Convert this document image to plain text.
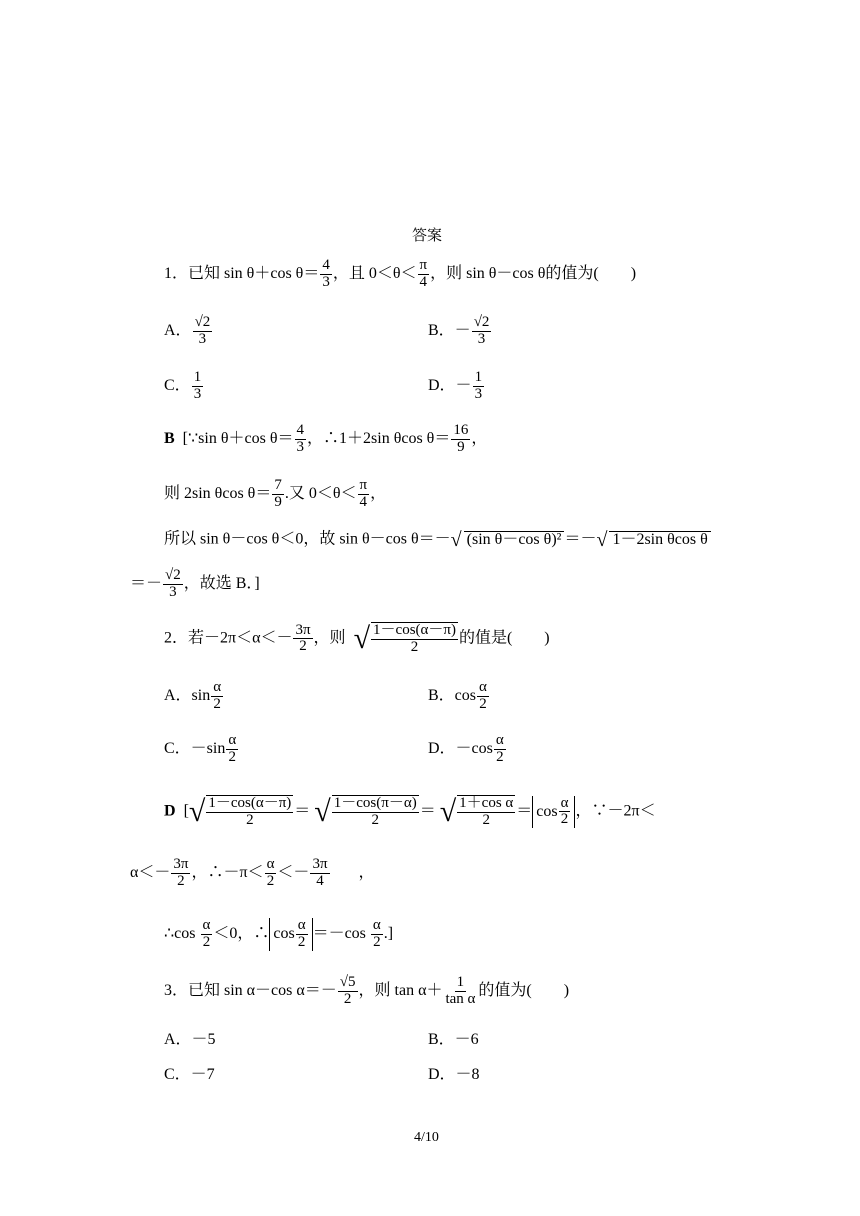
答案
1．已知 sin θ＋cos $\theta= \frac{4}{3}$ ，且 $0<\theta< \frac{\pi}{4}$ ，则 sin θ－cos θ的值为(　　)
A． $\frac{√2}{3}$	B．－ $\frac{√2}{3}$
C． $\frac{1}{3}$	D．－ $\frac{1}{3}$
B [∵sin θ＋cos $\theta= \frac{4}{3}$ ，∴1＋2sin θcos $\theta= \frac{16}{9}$ ，
则 2sin θcos $\theta= \frac{7}{9}$ .又 $0<\theta< \frac{\pi}{4}$ ，
所以 sin θ－cos θ＜0，故 sin θ－cos θ＝－√ (sin θ－cos θ)² ＝－√ 1－2sin θcos θ
＝－ $\frac{√2}{3}$ ，故选 B．]
2．若$-2\pi<\alpha<- \frac{3\pi}{2}$ ，则 √ $\frac{1-\cos(\alpha-\pi)}{2}$ 的值是(　　)
A．$\sin \frac{\alpha}{2}$	B．$\cos \frac{\alpha}{2}$
C．$-\sin \frac{\alpha}{2}$	D．$-\cos \frac{\alpha}{2}$
D [√ $\frac{1-\cos(\alpha-\pi)}{2}$ ＝ √ $\frac{1-\cos(\pi-\alpha)}{2}$ ＝ √ $\frac{\text{1＋cos α}}{2} = \cos \frac{\alpha}{2}$ ，∵－2π＜
$\alpha<- \frac{3\pi}{2}$ ，∴－π＜ $\frac{\alpha}{2} <- \frac{3\pi}{4}$ ，
∴cos $\frac{\alpha}{2} <0$，∴ $\cos \frac{\alpha}{2} =-\cos \frac{\alpha}{2}$ .]
3．已知 sin α－cos $\alpha=- \frac{√5}{2}$ ，则 $\tan \alpha+ \frac{1}{\text{tan α}}$ 的值为(　　)
A．－5	B．－6
C．－7	D．－8
4/10
